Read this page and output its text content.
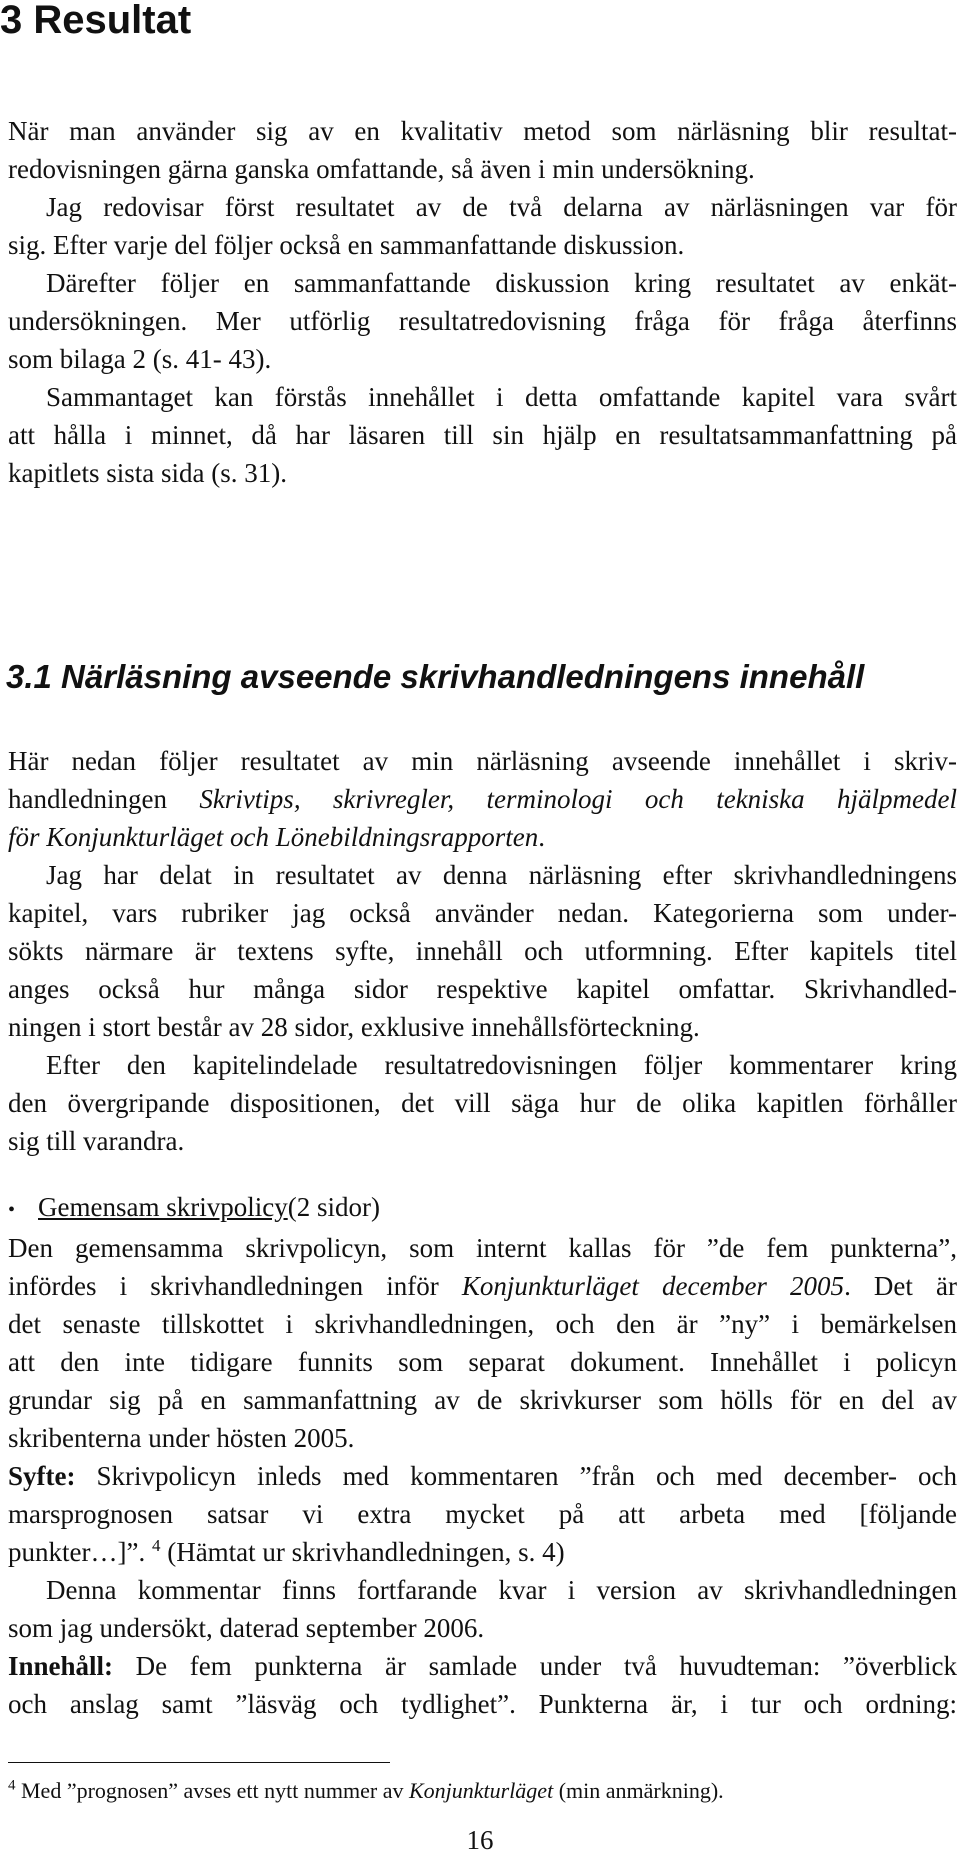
3 Resultat
När man använder sig av en kvalitativ metod som närläsning blir resultat-
redovisningen gärna ganska omfattande, så även i min undersökning.
Jag redovisar först resultatet av de två delarna av närläsningen var för
sig. Efter varje del följer också en sammanfattande diskussion.
Därefter följer en sammanfattande diskussion kring resultatet av enkät-
undersökningen. Mer utförlig resultatredovisning fråga för fråga återfinns
som bilaga 2 (s. 41- 43).
Sammantaget kan förstås innehållet i detta omfattande kapitel vara svårt
att hålla i minnet, då har läsaren till sin hjälp en resultatsammanfattning på
kapitlets sista sida (s. 31).
3.1 Närläsning avseende skrivhandledningens innehåll
Här nedan följer resultatet av min närläsning avseende innehållet i skriv-
handledningen Skrivtips, skrivregler, terminologi och tekniska hjälpmedel
för Konjunkturläget och Lönebildningsrapporten.
Jag har delat in resultatet av denna närläsning efter skrivhandledningens
kapitel, vars rubriker jag också använder nedan. Kategorierna som under-
sökts närmare är textens syfte, innehåll och utformning. Efter kapitels titel
anges också hur många sidor respektive kapitel omfattar. Skrivhandled-
ningen i stort består av 28 sidor, exklusive innehållsförteckning.
Efter den kapitelindelade resultatredovisningen följer kommentarer kring
den övergripande dispositionen, det vill säga hur de olika kapitlen förhåller
sig till varandra.
• Gemensam skrivpolicy (2 sidor)
Den gemensamma skrivpolicyn, som internt kallas för ”de fem punkterna”,
infördes i skrivhandledningen inför Konjunkturläget december 2005. Det är
det senaste tillskottet i skrivhandledningen, och den är ”ny” i bemärkelsen
att den inte tidigare funnits som separat dokument. Innehållet i policyn
grundar sig på en sammanfattning av de skrivkurser som hölls för en del av
skribenterna under hösten 2005.
Syfte: Skrivpolicyn inleds med kommentaren ”från och med december- och
marsprognosen satsar vi extra mycket på att arbeta med [följande
punkter…]”. $^4$ (Hämtat ur skrivhandledningen, s. 4)
Denna kommentar finns fortfarande kvar i version av skrivhandledningen
som jag undersökt, daterad september 2006.
Innehåll: De fem punkterna är samlade under två huvudteman: ”överblick
och anslag samt ”läsväg och tydlighet”. Punkterna är, i tur och ordning:
$^4$ Med ”prognosen” avses ett nytt nummer av Konjunkturläget (min anmärkning).
16
